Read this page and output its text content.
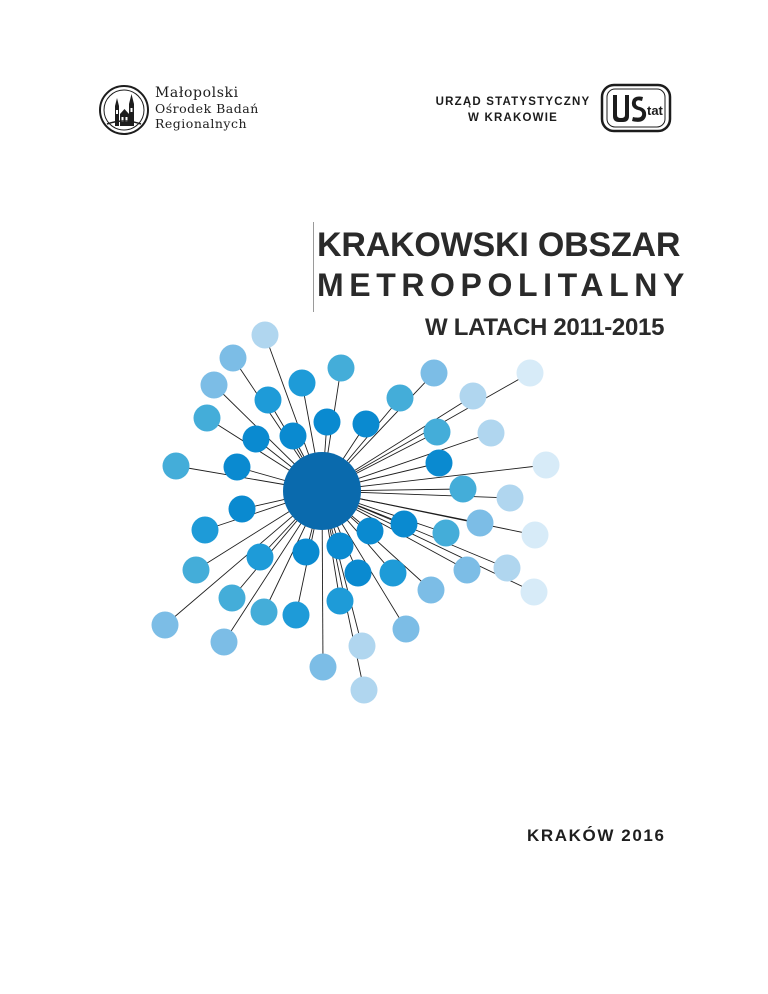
Małopolski
Ośrodek Badań
Regionalnych
URZĄD STATYSTYCZNY
W KRAKOWIE	tat
KRAKOWSKI OBSZAR
METROPOLITALNY
W LATACH 2011-2015
KRAKÓW 2016
